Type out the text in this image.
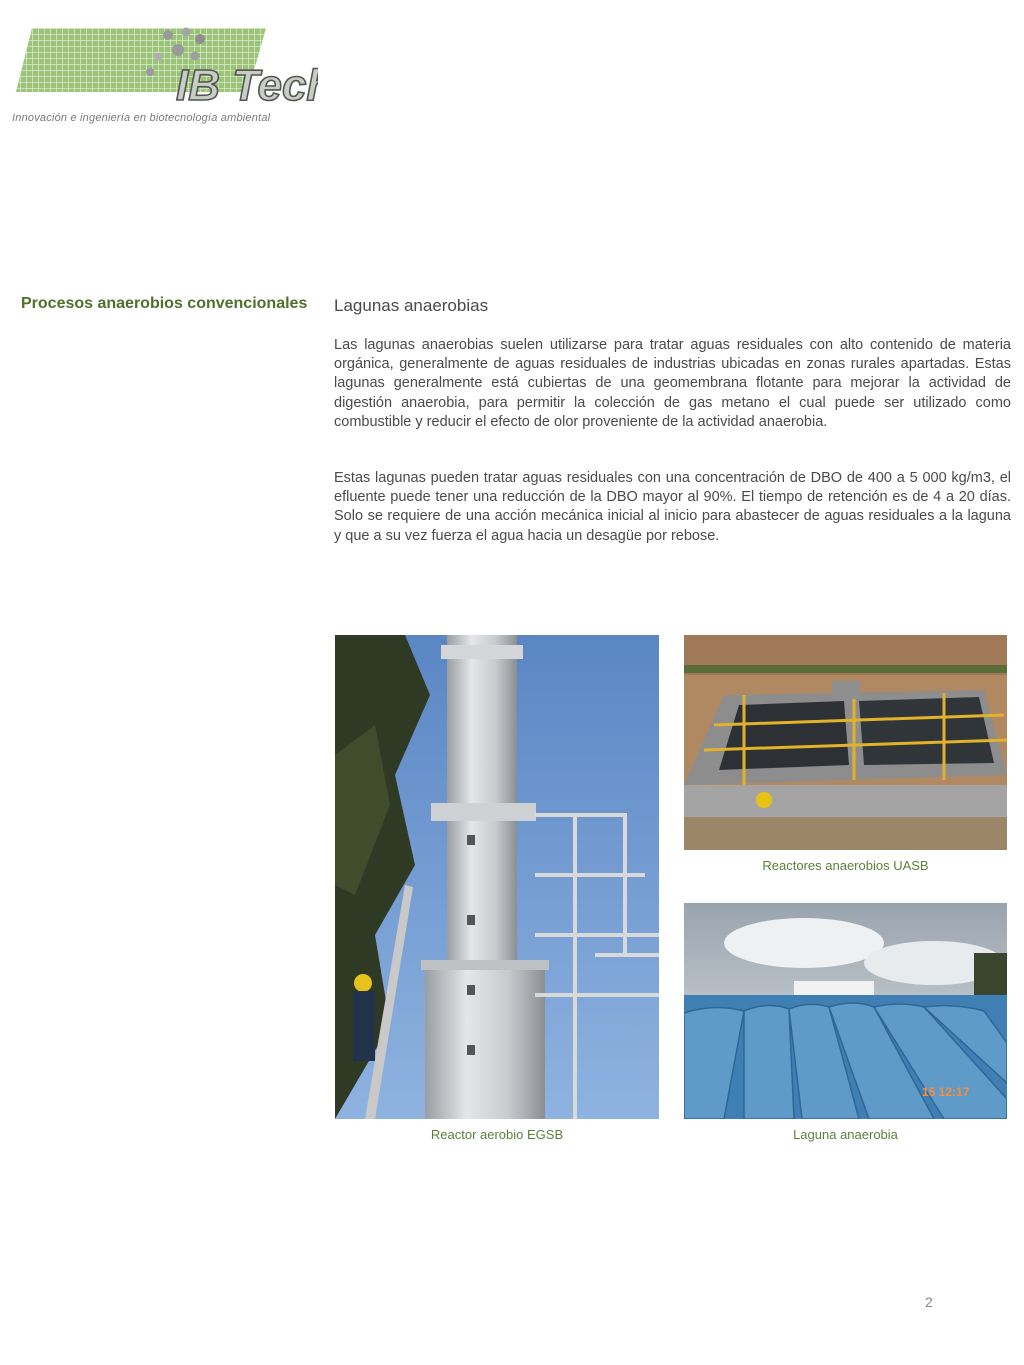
IB Tech
Innovación e ingeniería en biotecnología ambiental
Procesos anaerobios convencionales Lagunas anaerobias

Las lagunas anaerobias suelen utilizarse para tratar aguas residuales con alto contenido de materia orgánica, generalmente de aguas residuales de industrias ubicadas en zonas rurales apartadas. Estas lagunas generalmente está cubiertas de una geomembrana flotante para mejorar la actividad de digestión anaerobia, para permitir la colección de gas metano el cual puede ser utilizado como combustible y reducir el efecto de olor proveniente de la actividad anaerobia.

Estas lagunas pueden tratar aguas residuales con una concentración de DBO de 400 a 5 000 kg/m3, el efluente puede tener una reducción de la DBO mayor al 90%. El tiempo de retención es de 4 a 20 días. Solo se requiere de una acción mecánica inicial al inicio para abastecer de aguas residuales a la laguna y que a su vez fuerza el agua hacia un desagüe por rebose.

15 12:17
Reactores anaerobios UASB
Reactor aerobio EGSB	Laguna anaerobia
2
